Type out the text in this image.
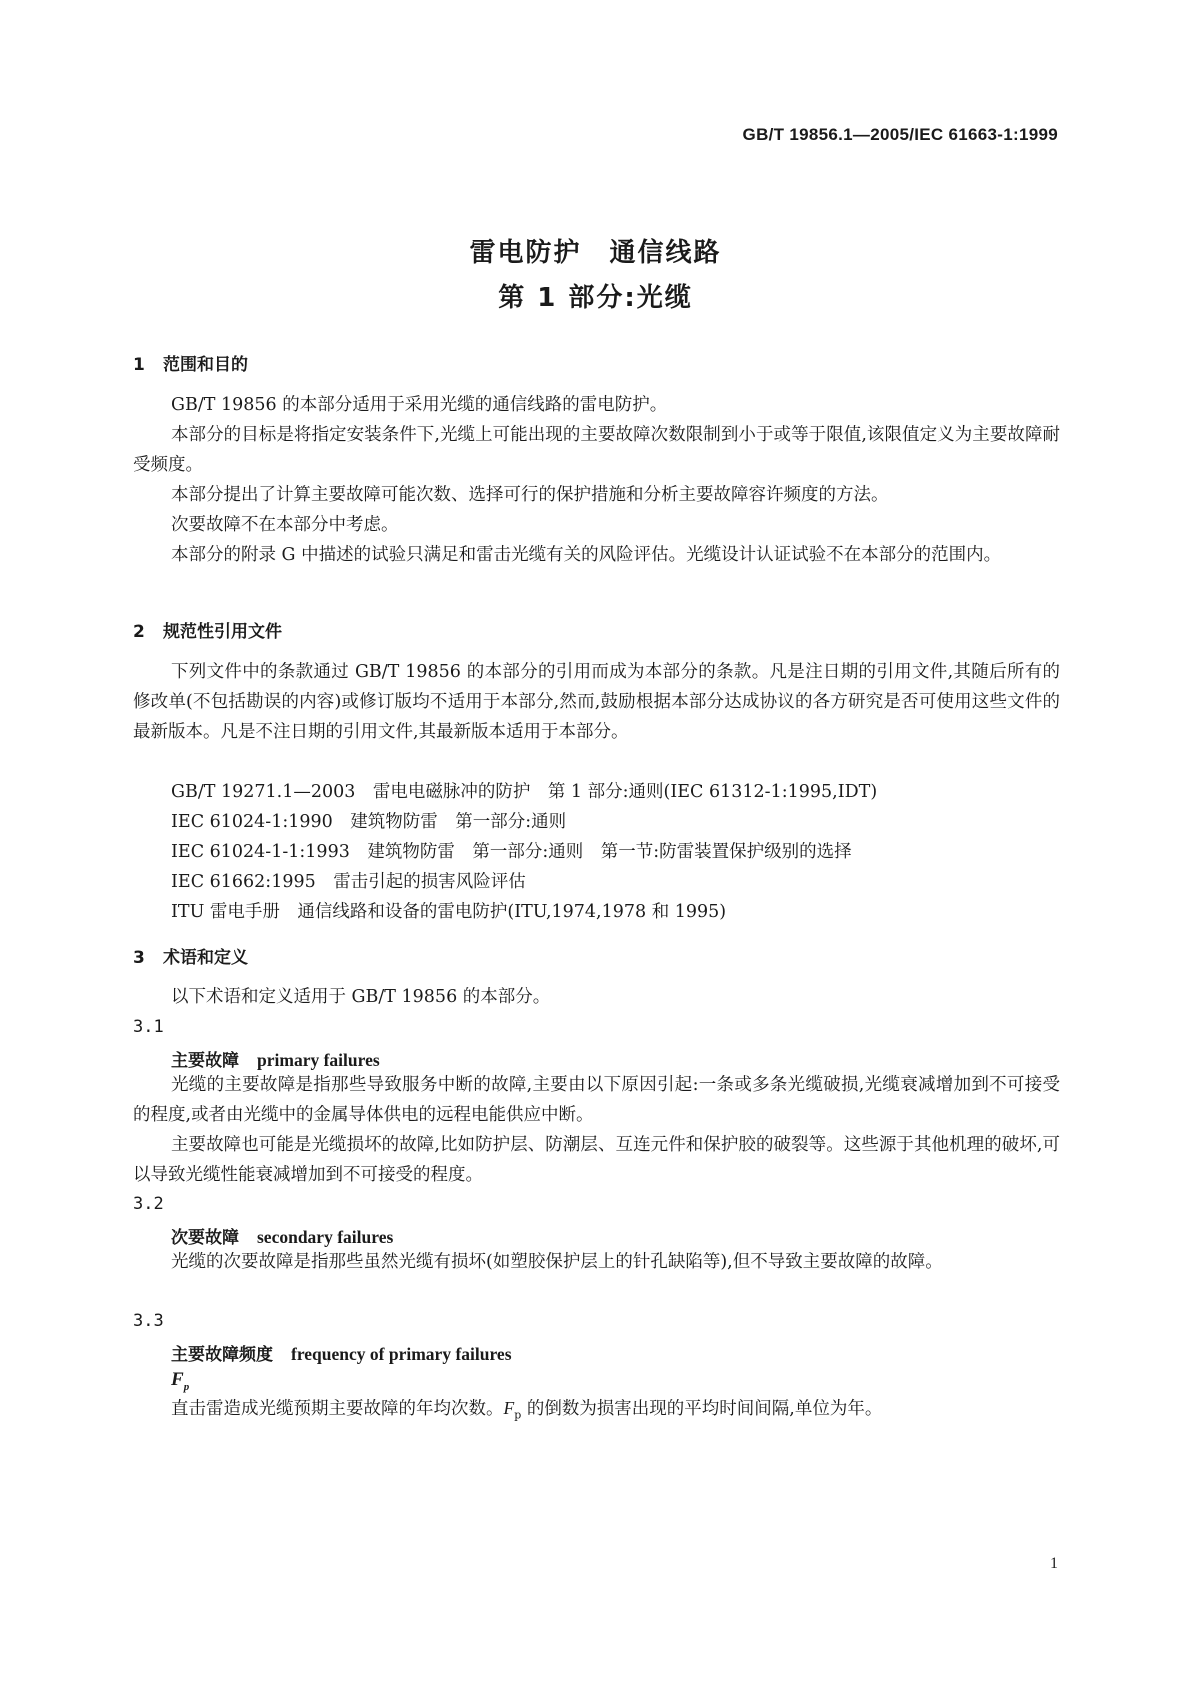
GB/T 19856.1—2005/IEC 61663-1:1999
雷电防护　通信线路
第 1 部分:光缆
1 范围和目的

GB/T 19856 的本部分适用于采用光缆的通信线路的雷电防护。

本部分的目标是将指定安装条件下,光缆上可能出现的主要故障次数限制到小于或等于限值,该限值定义为主要故障耐受频度。

本部分提出了计算主要故障可能次数、选择可行的保护措施和分析主要故障容许频度的方法。

次要故障不在本部分中考虑。

本部分的附录 G 中描述的试验只满足和雷击光缆有关的风险评估。光缆设计认证试验不在本部分的范围内。

2 规范性引用文件

下列文件中的条款通过 GB/T 19856 的本部分的引用而成为本部分的条款。凡是注日期的引用文件,其随后所有的修改单(不包括勘误的内容)或修订版均不适用于本部分,然而,鼓励根据本部分达成协议的各方研究是否可使用这些文件的最新版本。凡是不注日期的引用文件,其最新版本适用于本部分。

GB/T 19271.1—2003　雷电电磁脉冲的防护　第 1 部分:通则(IEC 61312-1:1995,IDT)
IEC 61024-1:1990　建筑物防雷　第一部分:通则
IEC 61024-1-1:1993　建筑物防雷　第一部分:通则　第一节:防雷装置保护级别的选择
IEC 61662:1995　雷击引起的损害风险评估
ITU 雷电手册　通信线路和设备的雷电防护(ITU,1974,1978 和 1995)
3 术语和定义
以下术语和定义适用于 GB/T 19856 的本部分。
3.1
主要故障 primary failures

光缆的主要故障是指那些导致服务中断的故障,主要由以下原因引起:一条或多条光缆破损,光缆衰减增加到不可接受的程度,或者由光缆中的金属导体供电的远程电能供应中断。

主要故障也可能是光缆损坏的故障,比如防护层、防潮层、互连元件和保护胶的破裂等。这些源于其他机理的破坏,可以导致光缆性能衰减增加到不可接受的程度。

3.2
次要故障 secondary failures

光缆的次要故障是指那些虽然光缆有损坏(如塑胶保护层上的针孔缺陷等),但不导致主要故障的故障。

3.3
主要故障频度 frequency of primary failures
$F_p$
直击雷造成光缆预期主要故障的年均次数。$F_p$ 的倒数为损害出现的平均时间间隔,单位为年。
1
